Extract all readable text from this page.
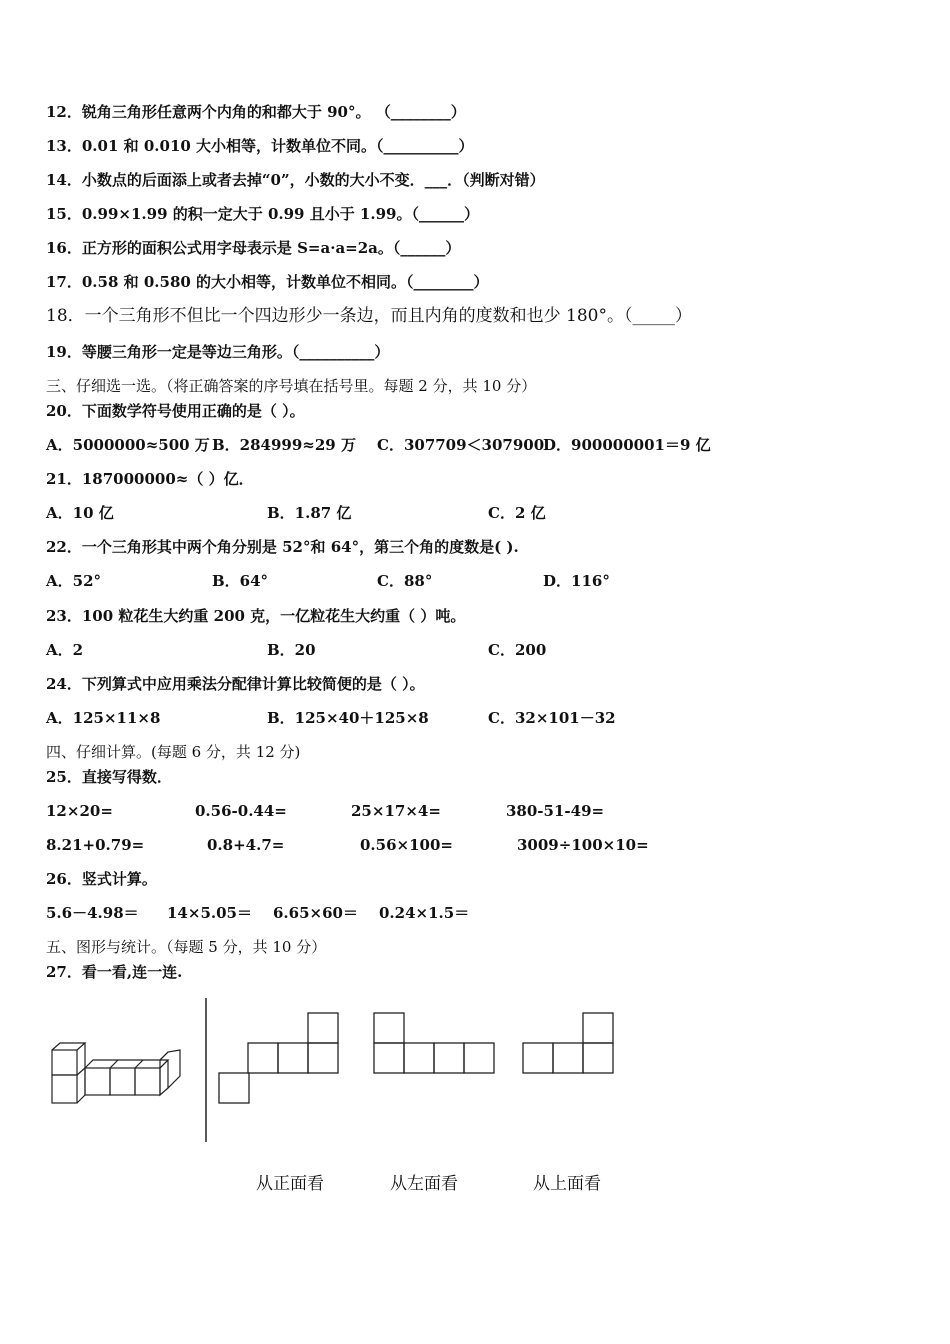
12．锐角三角形任意两个内角的和都大于 90°。 （________）
13．0.01 和 0.010 大小相等，计数单位不同。（__________）
14．小数点的后面添上或者去掉“0”，小数的大小不变．___．（判断对错）
15．0.99×1.99 的积一定大于 0.99 且小于 1.99。（______）
16．正方形的面积公式用字母表示是 S=a·a=2a。（______）
17．0.58 和 0.580 的大小相等，计数单位不相同。（________）
18．一个三角形不但比一个四边形少一条边，而且内角的度数和也少 180°。（_____）
19．等腰三角形一定是等边三角形。（__________）
三、仔细选一选。（将正确答案的序号填在括号里。每题 2 分，共 10 分）
20．下面数学符号使用正确的是（ ）。
A．5000000≈500 万 B．284999≈29 万 C．307709＜307900
D．900000001＝9 亿
21．187000000≈（ ）亿．
A．10 亿	B．1.87 亿	C．2 亿
22．一个三角形其中两个角分别是 52°和 64°，第三个角的度数是( ).
A．52°	B．64°	C．88°	D．116°
23．100 粒花生大约重 200 克，一亿粒花生大约重（ ）吨。
A．2	B．20	C．200
24．下列算式中应用乘法分配律计算比较简便的是（ ）。
A．125×11×8	B．125×40＋125×8	C．32×101－32
四、仔细计算。(每题 6 分，共 12 分)
25．直接写得数．
12×20=	0.56-0.44=	25×17×4=	380-51-49=
8.21+0.79=	0.8+4.7=	0.56×100=	3009÷100×10=
26．竖式计算。
5.6－4.98＝ 14×5.05＝ 6.65×60＝ 0.24×1.5＝
五、图形与统计。（每题 5 分，共 10 分）
27．看一看,连一连.
从正面看	从左面看	从上面看
